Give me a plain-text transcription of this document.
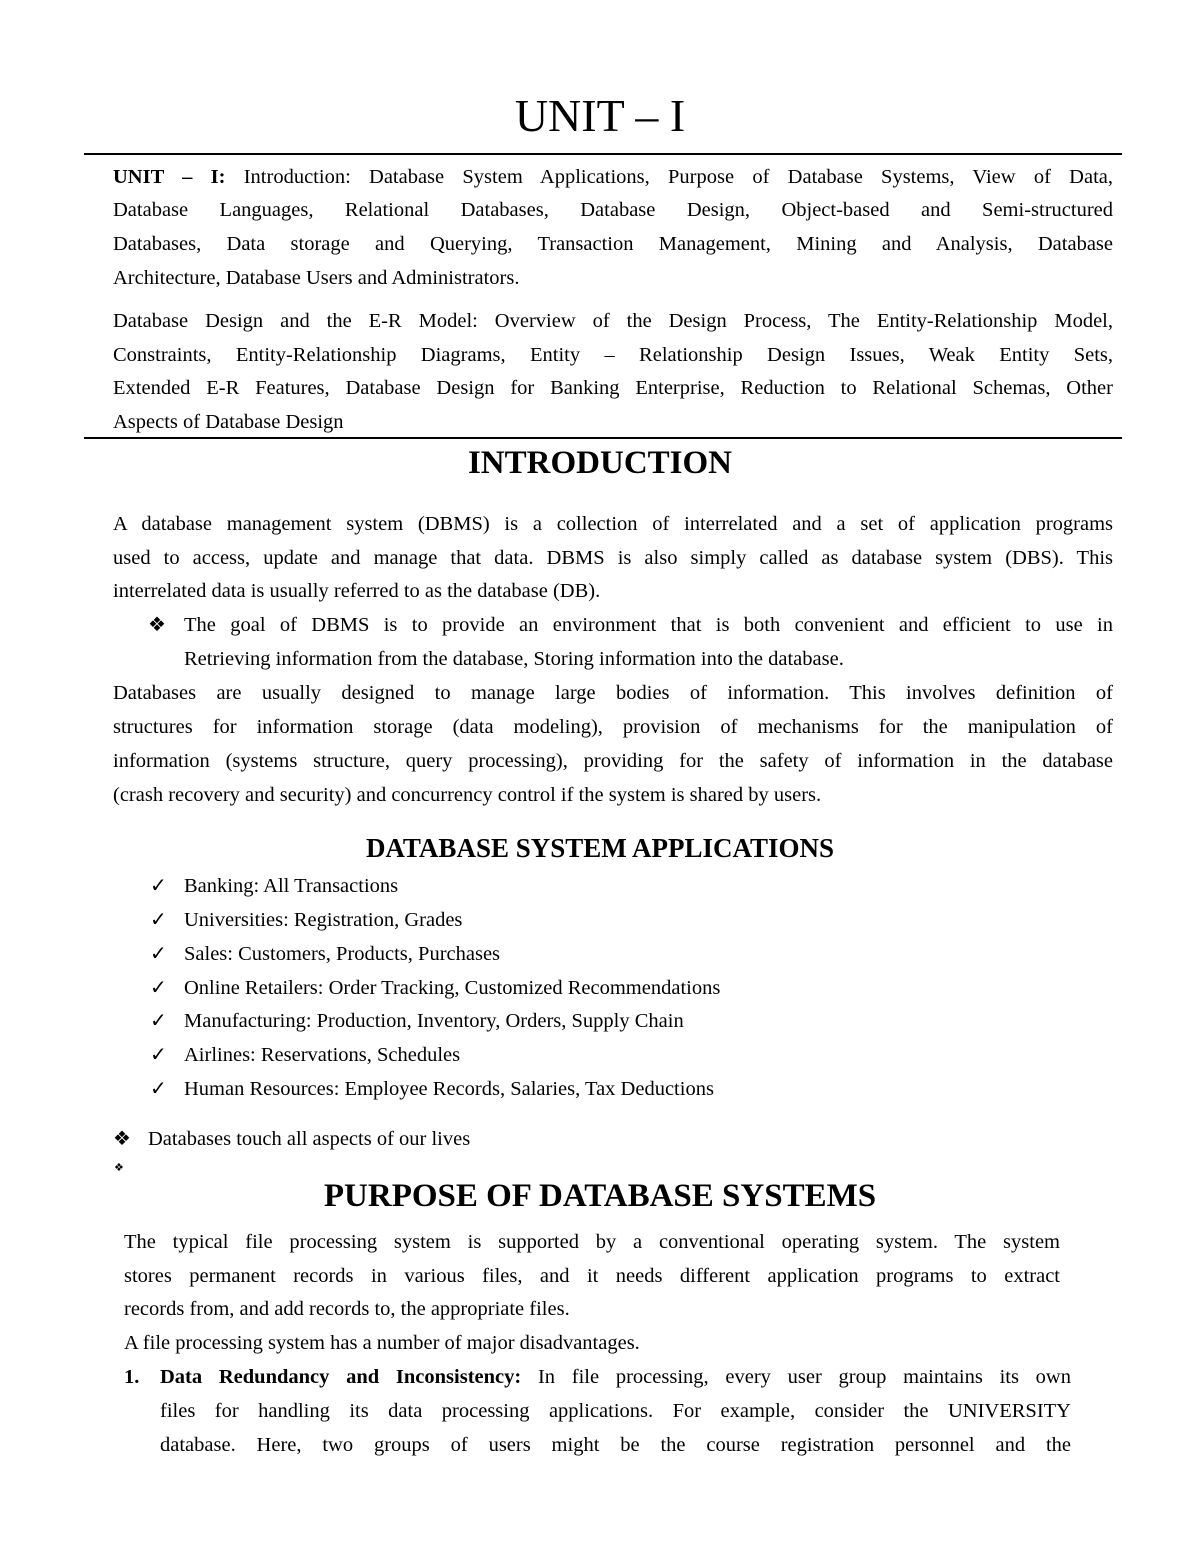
UNIT – I
UNIT – I: Introduction: Database System Applications, Purpose of Database Systems, View of Data,
Database Languages, Relational Databases, Database Design, Object-based and Semi-structured
Databases, Data storage and Querying, Transaction Management, Mining and Analysis, Database
Architecture, Database Users and Administrators.
Database Design and the E-R Model: Overview of the Design Process, The Entity-Relationship Model,
Constraints, Entity-Relationship Diagrams, Entity – Relationship Design Issues, Weak Entity Sets,
Extended E-R Features, Database Design for Banking Enterprise, Reduction to Relational Schemas, Other
Aspects of Database Design
INTRODUCTION
A database management system (DBMS) is a collection of interrelated and a set of application programs
used to access, update and manage that data. DBMS is also simply called as database system (DBS). This
interrelated data is usually referred to as the database (DB).
❖ The goal of DBMS is to provide an environment that is both convenient and efficient to use in
Retrieving information from the database, Storing information into the database.
Databases are usually designed to manage large bodies of information. This involves definition of
structures for information storage (data modeling), provision of mechanisms for the manipulation of
information (systems structure, query processing), providing for the safety of information in the database
(crash recovery and security) and concurrency control if the system is shared by users.
DATABASE SYSTEM APPLICATIONS
✓ Banking: All Transactions
✓ Universities: Registration, Grades
✓ Sales: Customers, Products, Purchases
✓ Online Retailers: Order Tracking, Customized Recommendations
✓ Manufacturing: Production, Inventory, Orders, Supply Chain
✓ Airlines: Reservations, Schedules
✓ Human Resources: Employee Records, Salaries, Tax Deductions
❖ Databases touch all aspects of our lives
❖
PURPOSE OF DATABASE SYSTEMS
The typical file processing system is supported by a conventional operating system. The system
stores permanent records in various files, and it needs different application programs to extract
records from, and add records to, the appropriate files.
A file processing system has a number of major disadvantages.
1. Data Redundancy and Inconsistency: In file processing, every user group maintains its own
files for handling its data processing applications. For example, consider the UNIVERSITY
database. Here, two groups of users might be the course registration personnel and the
